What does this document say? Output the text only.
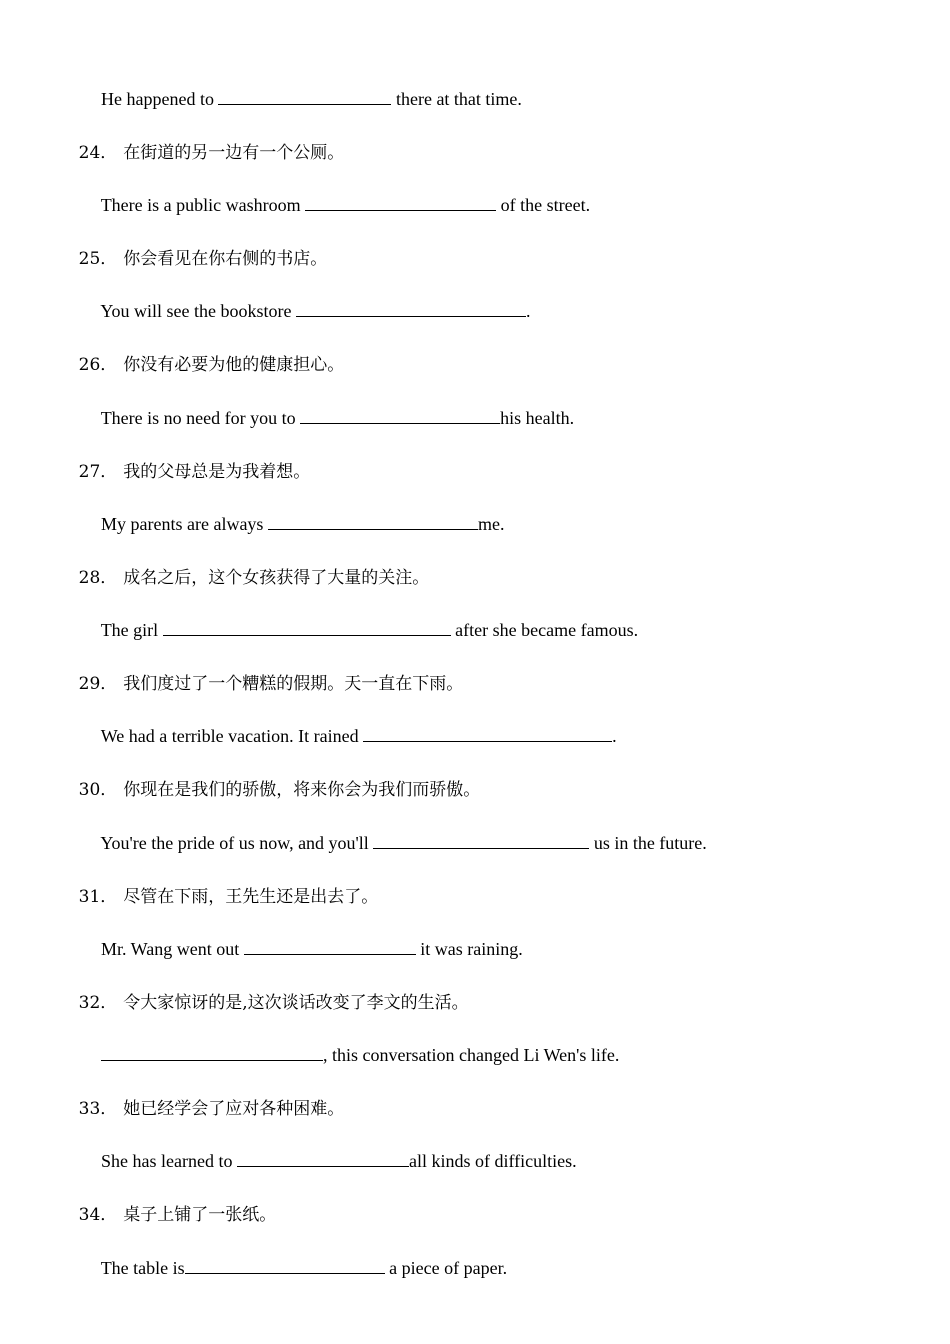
He happened to	there at that time.

24． 在街道的另一边有一个公厕。

There is a public washroom	of the street.

25． 你会看见在你右侧的书店。

You will see the bookstore	.

26． 你没有必要为他的健康担心。

There is no need for you to	his health.

27． 我的父母总是为我着想。

My parents are always	me.

28． 成名之后，这个女孩获得了大量的关注。

The girl	after she became famous.

29． 我们度过了一个糟糕的假期。天一直在下雨。

We had a terrible vacation. It rained	.

30． 你现在是我们的骄傲，将来你会为我们而骄傲。

You're the pride of us now, and you'll	us in the future.

31． 尽管在下雨，王先生还是出去了。

Mr. Wang went out	it was raining.

32． 令大家惊讶的是,这次谈话改变了李文的生活。

, this conversation changed Li Wen's life.

33． 她已经学会了应对各种困难。

She has learned to	all kinds of difficulties.

34． 桌子上铺了一张纸。

The table is	a piece of paper.
